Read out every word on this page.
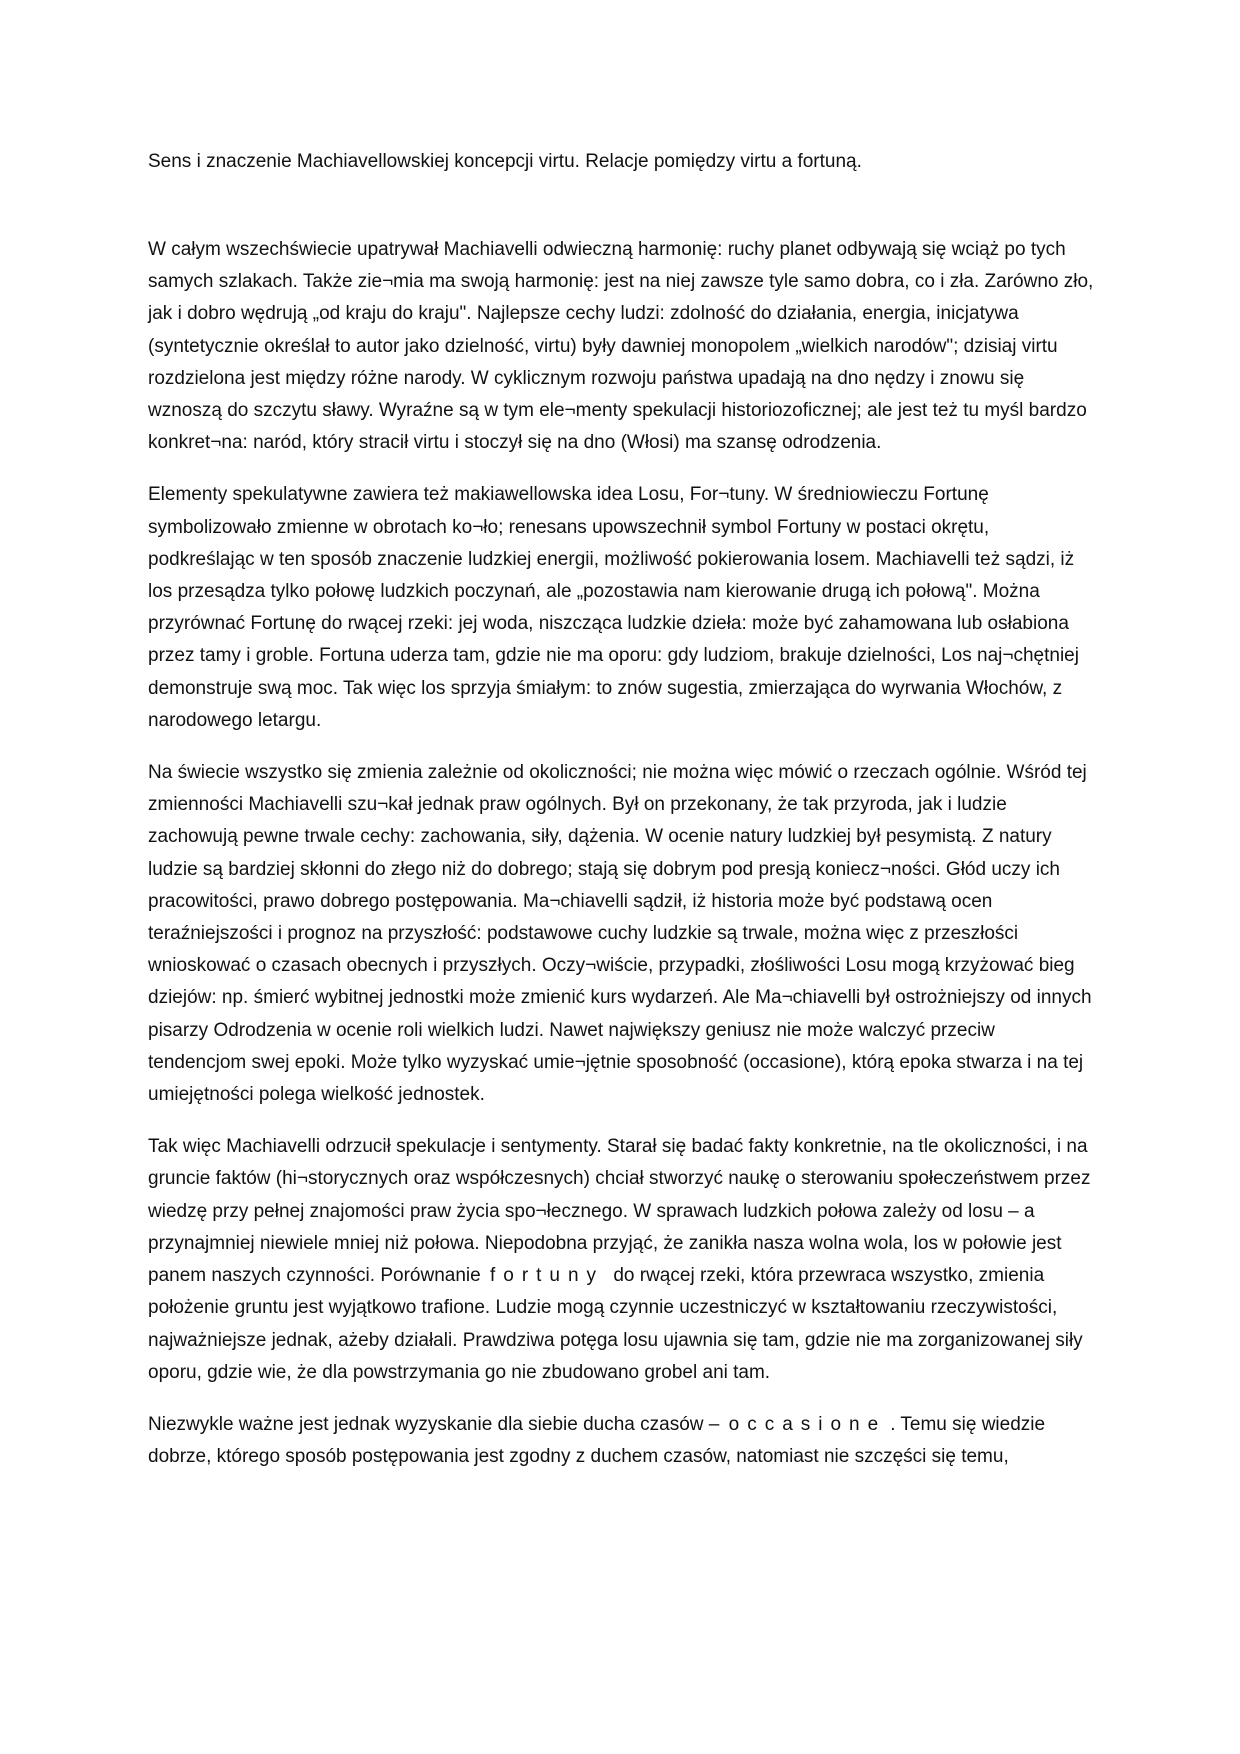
Sens i znaczenie Machiavellowskiej koncepcji virtu. Relacje pomiędzy virtu a fortuną.

W całym wszechświecie upatrywał Machiavelli odwieczną harmonię: ruchy planet odbywają się wciąż po tych samych szlakach. Także zie¬mia ma swoją harmonię: jest na niej zawsze tyle samo dobra, co i zła. Zarówno zło, jak i dobro wędrują „od kraju do kraju". Najlepsze cechy ludzi: zdolność do działania, energia, inicjatywa (syntetycznie określał to autor jako dzielność, virtu) były dawniej monopolem „wielkich narodów"; dzisiaj virtu rozdzielona jest między różne narody. W cyklicznym rozwoju państwa upadają na dno nędzy i znowu się wznoszą do szczytu sławy. Wyraźne są w tym ele¬menty spekulacji historiozoficznej; ale jest też tu myśl bardzo konkret¬na: naród, który stracił virtu i stoczył się na dno (Włosi) ma szansę odrodzenia.

Elementy spekulatywne zawiera też makiawellowska idea Losu, For¬tuny. W średniowieczu Fortunę symbolizowało zmienne w obrotach ko¬ło; renesans upowszechnił symbol Fortuny w postaci okrętu, podkreślając w ten sposób znaczenie ludzkiej energii, możliwość pokierowania losem. Machiavelli też sądzi, iż los przesądza tylko połowę ludzkich poczynań, ale „pozostawia nam kierowanie drugą ich połową". Można przyrównać Fortunę do rwącej rzeki: jej woda, niszcząca ludzkie dzieła: może być zahamowana lub osłabiona przez tamy i groble. Fortuna uderza tam, gdzie nie ma oporu: gdy ludziom, brakuje dzielności, Los naj¬chętniej demonstruje swą moc. Tak więc los sprzyja śmiałym: to znów sugestia, zmierzająca do wyrwania Włochów, z narodowego letargu.

Na świecie wszystko się zmienia zależnie od okoliczności; nie można więc mówić o rzeczach ogólnie. Wśród tej zmienności Machiavelli szu¬kał jednak praw ogólnych. Był on przekonany, że tak przyroda, jak i ludzie zachowują pewne trwale cechy: zachowania, siły, dążenia. W ocenie natury ludzkiej był pesymistą. Z natury ludzie są bardziej skłonni do złego niż do dobrego; stają się dobrym pod presją koniecz¬ności. Głód uczy ich pracowitości, prawo dobrego postępowania. Ma¬chiavelli sądził, iż historia może być podstawą ocen teraźniejszości i prognoz na przyszłość: podstawowe cuchy ludzkie są trwale, można więc z przeszłości wnioskować o czasach obecnych i przyszłych. Oczy¬wiście, przypadki, złośliwości Losu mogą krzyżować bieg dziejów: np. śmierć wybitnej jednostki może zmienić kurs wydarzeń. Ale Ma¬chiavelli był ostrożniejszy od innych pisarzy Odrodzenia w ocenie roli wielkich ludzi. Nawet największy geniusz nie może walczyć przeciw tendencjom swej epoki. Może tylko wyzyskać umie¬jętnie sposobność (occasione), którą epoka stwarza i na tej umiejętności polega wielkość jednostek.

Tak więc Machiavelli odrzucił spekulacje i sentymenty. Starał się badać fakty konkretnie, na tle okoliczności, i na gruncie faktów (hi¬storycznych oraz współczesnych) chciał stworzyć naukę o sterowaniu społeczeństwem przez wiedzę przy pełnej znajomości praw życia spo¬łecznego. W sprawach ludzkich połowa zależy od losu – a przynajmniej niewiele mniej niż połowa. Niepodobna przyjąć, że zanikła nasza wolna wola, los w połowie jest panem naszych czynności. Porównanie fortuny do rwącej rzeki, która przewraca wszystko, zmienia położenie gruntu jest wyjątkowo trafione. Ludzie mogą czynnie uczestniczyć w kształtowaniu rzeczywistości, najważniejsze jednak, ażeby działali. Prawdziwa potęga losu ujawnia się tam, gdzie nie ma zorganizowanej siły oporu, gdzie wie, że dla powstrzymania go nie zbudowano grobel ani tam.

Niezwykle ważne jest jednak wyzyskanie dla siebie ducha czasów – occasione . Temu się wiedzie dobrze, którego sposób postępowania jest zgodny z duchem czasów, natomiast nie szczęści się temu,
